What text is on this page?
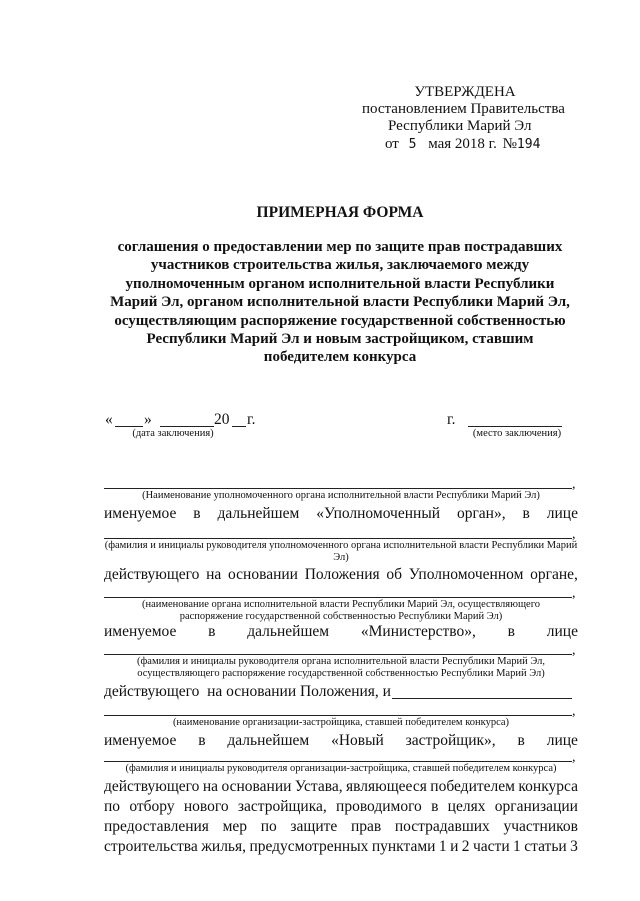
УТВЕРЖДЕНА
постановлением Правительства
Республики Марий Эл
от 5 мая 2018 г. №194
ПРИМЕРНАЯ ФОРМА
соглашения о предоставлении мер по защите прав пострадавших
участников строительства жилья, заключаемого между
уполномоченным органом исполнительной власти Республики
Марий Эл, органом исполнительной власти Республики Марий Эл,
осуществляющим распоряжение государственной собственностью
Республики Марий Эл и новым застройщиком, ставшим
победителем конкурса
« »	20 г.
(дата заключения)
г.
(место заключения)
,
(Наименование уполномоченного органа исполнительной власти Республики Марий Эл)
именуемое в дальнейшем «Уполномоченный орган», в лице
,
(фамилия и инициалы руководителя уполномоченного органа исполнительной власти Республики Марий Эл)
действующего на основании Положения об Уполномоченном органе,
,
(наименование органа исполнительной власти Республики Марий Эл, осуществляющего распоряжение государственной собственностью Республики Марий Эл)
именуемое в дальнейшем «Министерство», в лице
,
(фамилия и инициалы руководителя органа исполнительной власти Республики Марий Эл, осуществляющего распоряжение государственной собственностью Республики Марий Эл)
действующего  на основании Положения, и
,
(наименование организации-застройщика, ставшей победителем конкурса)
именуемое в дальнейшем «Новый застройщик», в лице
,
(фамилия и инициалы руководителя организации-застройщика, ставшей победителем конкурса)
действующего на основании Устава, являющееся победителем конкурса
по отбору нового застройщика, проводимого в целях организации
предоставления мер по защите прав пострадавших участников
строительства жилья, предусмотренных пунктами 1 и 2 части 1 статьи 3
